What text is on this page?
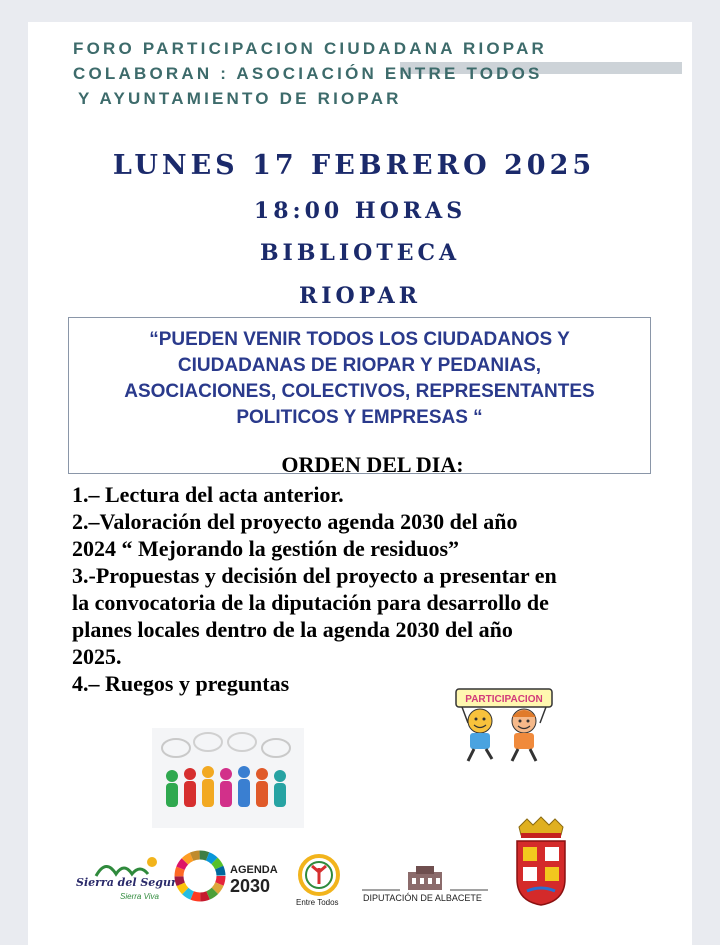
FORO PARTICIPACION CIUDADANA RIOPAR
COLABORAN : ASOCIACIÓN ENTRE TODOS
Y AYUNTAMIENTO DE RIOPAR
LUNES 17 FEBRERO 2025
18:00 HORAS
BIBLIOTECA
RIOPAR
“PUEDEN VENIR TODOS LOS CIUDADANOS Y
CIUDADANAS DE RIOPAR Y PEDANIAS,
ASOCIACIONES, COLECTIVOS, REPRESENTANTES
POLITICOS Y EMPRESAS “
ORDEN DEL DIA:
1.– Lectura del acta anterior.
2.–Valoración del proyecto agenda 2030 del año
2024 “ Mejorando la gestión de residuos”
3.-Propuestas y decisión del proyecto a presentar en
la convocatoria de la diputación para desarrollo de
planes locales dentro de la agenda 2030 del año
2025.
4.– Ruegos y preguntas
PARTICIPACION
Sierra del Segura
Sierra Viva
AGENDA
2030
Entre Todos	DIPUTACIÓN DE ALBACETE
